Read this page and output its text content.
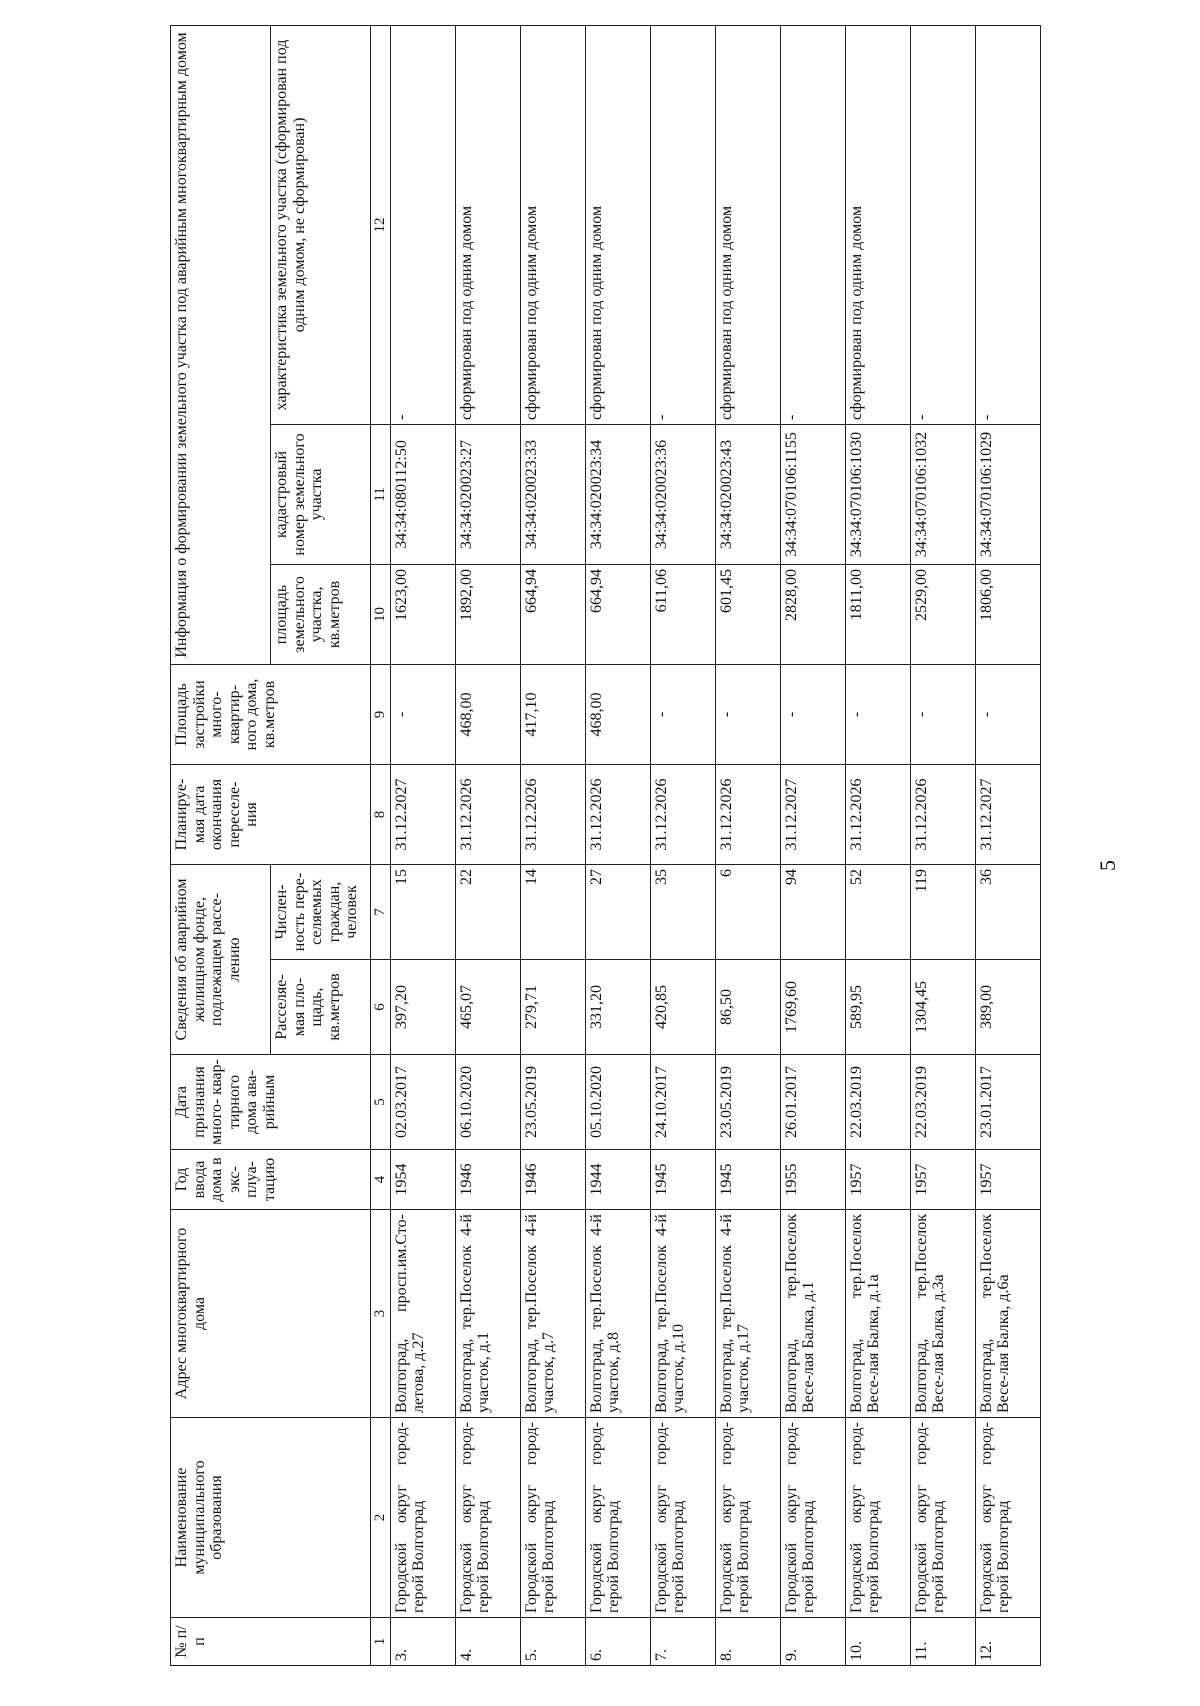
5
№ п/п	Наименование муниципального образования	Адрес многоквартирного дома	Год ввода дома в экс- плуа- тацию	Дата признания много- квар- тирного дома ава- рийным	Сведения об аварийном жилищном фонде, подлежащем рассе- лению		Планируе- мая дата окончания переселе- ния	Площадь застройки много- квартир- ного дома, кв.метров	Информация о формировании земельного участка под аварийным многоквартирным домом		
					Расселяе- мая пло- щадь, кв.метров	Числен- ность пере- селяемых граждан, человек			площадь земельного участка, кв.метров	кадастровый номер земельного участка	характеристика земельного участка (сформирован под одним домом, не сформирован)
1	2	3	4	5	6	7	8	9	10	11	12
3.	Городской округ город-герой Волгоград	Волгоград, просп.им.Сто-летова, д.27	1954	02.03.2017	397,20	15	31.12.2027	-	1623,00	34:34:080112:50	-
4.	Городской округ город-герой Волгоград	Волгоград, тер.Поселок 4-й участок, д.1	1946	06.10.2020	465,07	22	31.12.2026	468,00	1892,00	34:34:020023:27	сформирован под одним домом
5.	Городской округ город-герой Волгоград	Волгоград, тер.Поселок 4-й участок, д.7	1946	23.05.2019	279,71	14	31.12.2026	417,10	664,94	34:34:020023:33	сформирован под одним домом
6.	Городской округ город-герой Волгоград	Волгоград, тер.Поселок 4-й участок, д.8	1944	05.10.2020	331,20	27	31.12.2026	468,00	664,94	34:34:020023:34	сформирован под одним домом
7.	Городской округ город-герой Волгоград	Волгоград, тер.Поселок 4-й участок, д.10	1945	24.10.2017	420,85	35	31.12.2026	-	611,06	34:34:020023:36	-
8.	Городской округ город-герой Волгоград	Волгоград, тер.Поселок 4-й участок, д.17	1945	23.05.2019	86,50	6	31.12.2026	-	601,45	34:34:020023:43	сформирован под одним домом
9.	Городской округ город-герой Волгоград	Волгоград, тер.Поселок Весе-лая Балка, д.1	1955	26.01.2017	1769,60	94	31.12.2027	-	2828,00	34:34:070106:1155	-
10.	Городской округ город-герой Волгоград	Волгоград, тер.Поселок Весе-лая Балка, д.1а	1957	22.03.2019	589,95	52	31.12.2026	-	1811,00	34:34:070106:1030	сформирован под одним домом
11.	Городской округ город-герой Волгоград	Волгоград, тер.Поселок Весе-лая Балка, д.3а	1957	22.03.2019	1304,45	119	31.12.2026	-	2529,00	34:34:070106:1032	-
12.	Городской округ город-герой Волгоград	Волгоград, тер.Поселок Весе-лая Балка, д.6а	1957	23.01.2017	389,00	36	31.12.2027	-	1806,00	34:34:070106:1029	-
